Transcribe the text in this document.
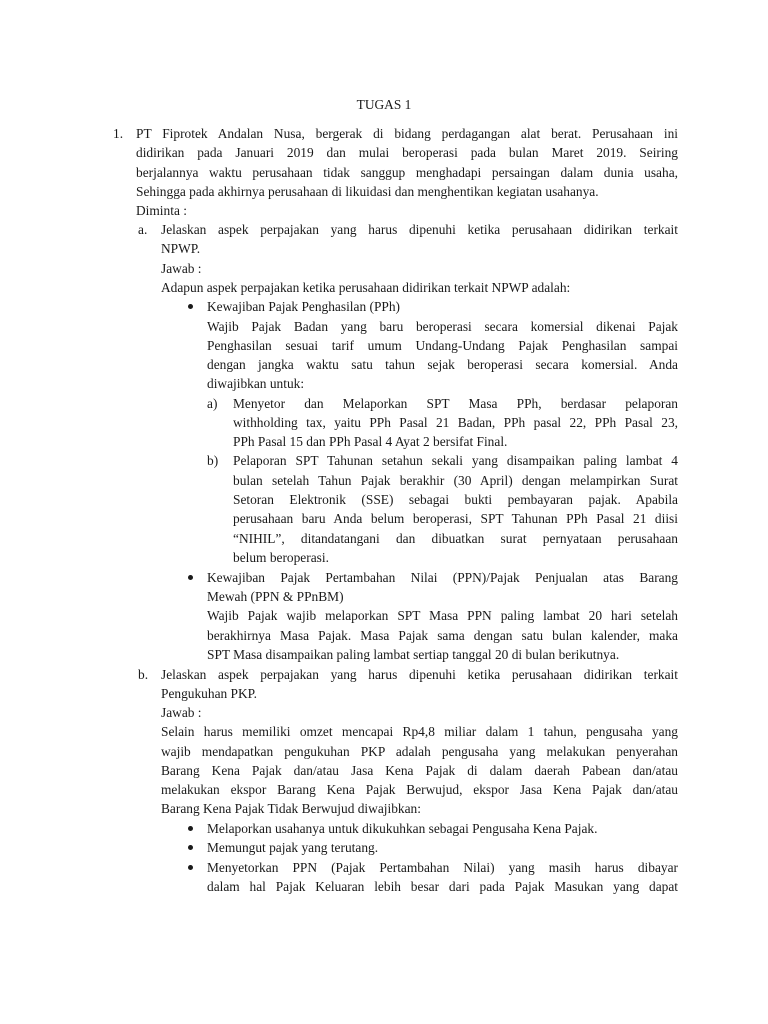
TUGAS 1
1. PT Fiprotek Andalan Nusa, bergerak di bidang perdagangan alat berat. Perusahaan ini
didirikan pada Januari 2019 dan mulai beroperasi pada bulan Maret 2019. Seiring
berjalannya waktu perusahaan tidak sanggup menghadapi persaingan dalam dunia usaha,
Sehingga pada akhirnya perusahaan di likuidasi dan menghentikan kegiatan usahanya.
Diminta :
a. Jelaskan aspek perpajakan yang harus dipenuhi ketika perusahaan didirikan terkait
NPWP.
Jawab :
Adapun aspek perpajakan ketika perusahaan didirikan terkait NPWP adalah:
Kewajiban Pajak Penghasilan (PPh)
Wajib Pajak Badan yang baru beroperasi secara komersial dikenai Pajak
Penghasilan sesuai tarif umum Undang-Undang Pajak Penghasilan sampai
dengan jangka waktu satu tahun sejak beroperasi secara komersial. Anda
diwajibkan untuk:
a) Menyetor dan Melaporkan SPT Masa PPh, berdasar pelaporan
withholding tax, yaitu PPh Pasal 21 Badan, PPh pasal 22, PPh Pasal 23,
PPh Pasal 15 dan PPh Pasal 4 Ayat 2 bersifat Final.
b) Pelaporan SPT Tahunan setahun sekali yang disampaikan paling lambat 4
bulan setelah Tahun Pajak berakhir (30 April) dengan melampirkan Surat
Setoran Elektronik (SSE) sebagai bukti pembayaran pajak. Apabila
perusahaan baru Anda belum beroperasi, SPT Tahunan PPh Pasal 21 diisi
“NIHIL”, ditandatangani dan dibuatkan surat pernyataan perusahaan
belum beroperasi.
Kewajiban Pajak Pertambahan Nilai (PPN)/Pajak Penjualan atas Barang
Mewah (PPN & PPnBM)
Wajib Pajak wajib melaporkan SPT Masa PPN paling lambat 20 hari setelah
berakhirnya Masa Pajak. Masa Pajak sama dengan satu bulan kalender, maka
SPT Masa disampaikan paling lambat sertiap tanggal 20 di bulan berikutnya.
b. Jelaskan aspek perpajakan yang harus dipenuhi ketika perusahaan didirikan terkait
Pengukuhan PKP.
Jawab :
Selain harus memiliki omzet mencapai Rp4,8 miliar dalam 1 tahun, pengusaha yang
wajib mendapatkan pengukuhan PKP adalah pengusaha yang melakukan penyerahan
Barang Kena Pajak dan/atau Jasa Kena Pajak di dalam daerah Pabean dan/atau
melakukan ekspor Barang Kena Pajak Berwujud, ekspor Jasa Kena Pajak dan/atau
Barang Kena Pajak Tidak Berwujud diwajibkan:
Melaporkan usahanya untuk dikukuhkan sebagai Pengusaha Kena Pajak.
Memungut pajak yang terutang.
Menyetorkan PPN (Pajak Pertambahan Nilai) yang masih harus dibayar
dalam hal Pajak Keluaran lebih besar dari pada Pajak Masukan yang dapat
